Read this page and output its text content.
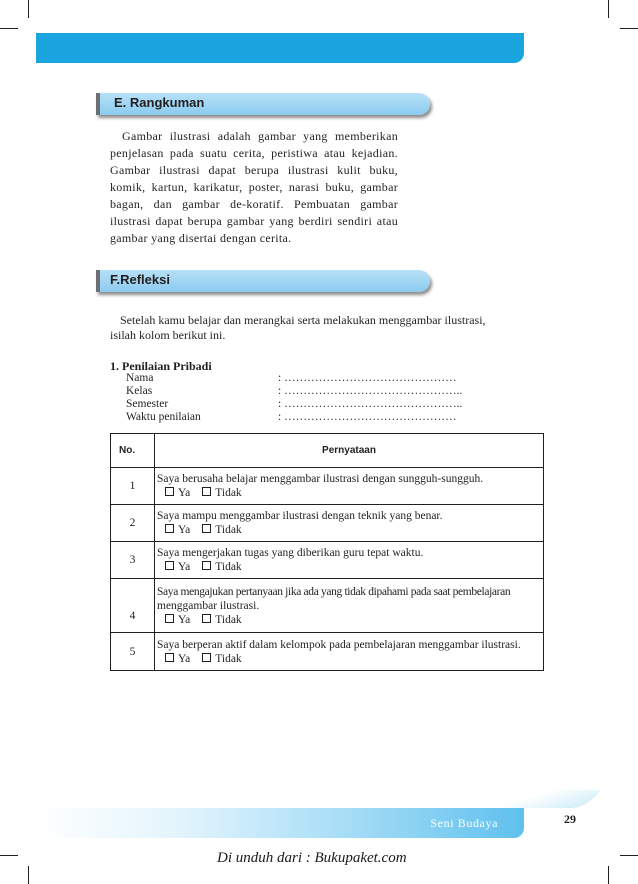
E. Rangkuman

Gambar ilustrasi adalah gambar yang memberikan penjelasan pada suatu cerita, peristiwa atau kejadian. Gambar ilustrasi dapat berupa ilustrasi kulit buku, komik, kartun, karikatur, poster, narasi buku, gambar bagan, dan gambar de-koratif. Pembuatan gambar ilustrasi dapat berupa gambar yang berdiri sendiri atau gambar yang disertai dengan cerita.

F.Refleksi

Setelah kamu belajar dan merangkai serta melakukan menggambar ilustrasi,
isilah kolom berikut ini.

1. Penilaian Pribadi
Nama	: ………………………………………
Kelas	: ………………………………………..
Semester	: ………………………………………..
Waktu penilaian	: ………………………………………
No.	Pernyataan
1	Saya berusaha belajar menggambar ilustrasi dengan sungguh-sungguh.
Ya Tidak

2	Saya mampu menggambar ilustrasi dengan teknik yang benar.
Ya Tidak

3	Saya mengerjakan tugas yang diberikan guru tepat waktu.
Ya Tidak

4	Saya mengajukan pertanyaan jika ada yang tidak dipahami pada saat pembelajaran
menggambar ilustrasi.
Ya Tidak

5	Saya berperan aktif dalam kelompok pada pembelajaran menggambar ilustrasi.
Ya Tidak
Seni Budaya	29
Di unduh dari : Bukupaket.com
